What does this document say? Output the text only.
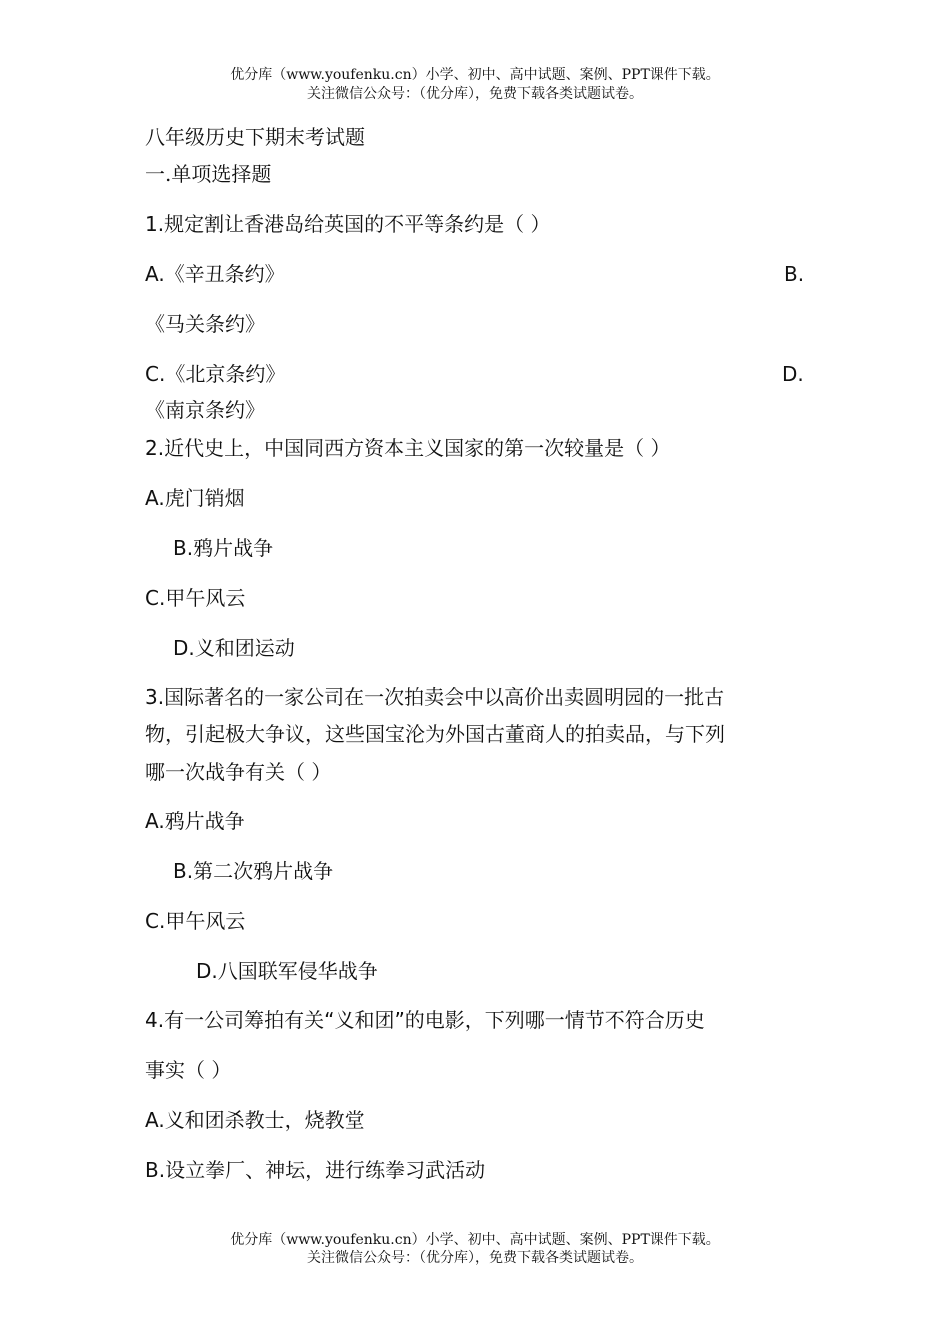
优分库（www.youfenku.cn）小学、初中、高中试题、案例、PPT课件下载。
关注微信公众号：（优分库），免费下载各类试题试卷。
八年级历史下期末考试题
一.单项选择题
1.规定割让香港岛给英国的不平等条约是（ ）
A.《辛丑条约》	B.
《马关条约》
C.《北京条约》	D.
《南京条约》
2.近代史上，中国同西方资本主义国家的第一次较量是（ ）
A.虎门销烟
B.鸦片战争
C.甲午风云
D.义和团运动
3.国际著名的一家公司在一次拍卖会中以高价出卖圆明园的一批古
物，引起极大争议，这些国宝沦为外国古董商人的拍卖品，与下列
哪一次战争有关（ ）
A.鸦片战争
B.第二次鸦片战争
C.甲午风云
D.八国联军侵华战争
4.有一公司筹拍有关“义和团”的电影，下列哪一情节不符合历史
事实（ ）
A.义和团杀教士，烧教堂
B.设立拳厂、神坛，进行练拳习武活动
优分库（www.youfenku.cn）小学、初中、高中试题、案例、PPT课件下载。
关注微信公众号：（优分库），免费下载各类试题试卷。
